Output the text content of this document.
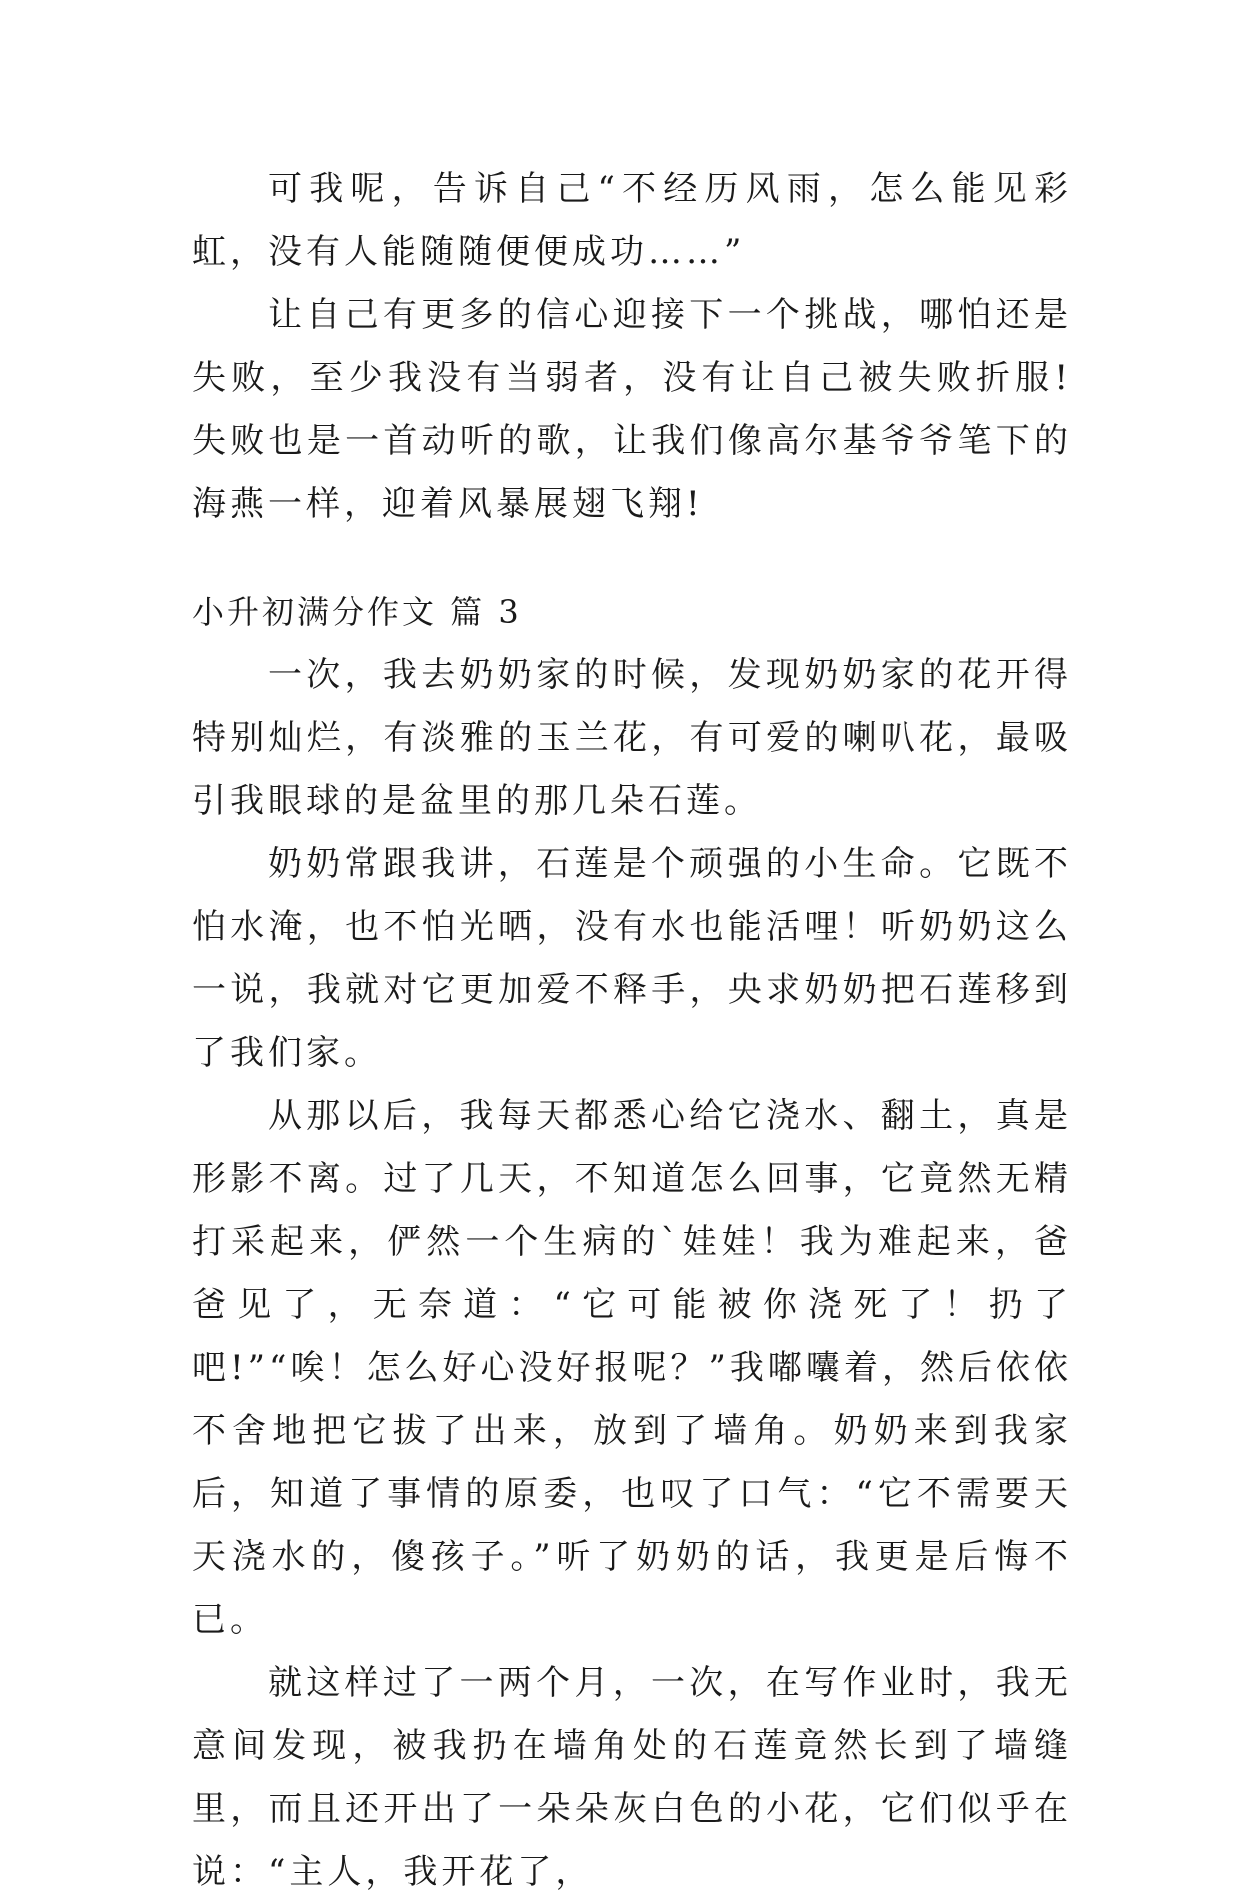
可我呢，告诉自己“不经历风雨，怎么能见彩虹，没有人能随随便便成功……”

让自己有更多的信心迎接下一个挑战，哪怕还是失败，至少我没有当弱者，没有让自己被失败折服!失败也是一首动听的歌，让我们像高尔基爷爷笔下的海燕一样，迎着风暴展翅飞翔!

小升初满分作文 篇 3

一次，我去奶奶家的时候，发现奶奶家的花开得特别灿烂，有淡雅的玉兰花，有可爱的喇叭花，最吸引我眼球的是盆里的那几朵石莲。

奶奶常跟我讲，石莲是个顽强的小生命。它既不怕水淹，也不怕光晒，没有水也能活哩！听奶奶这么一说，我就对它更加爱不释手，央求奶奶把石莲移到了我们家。

从那以后，我每天都悉心给它浇水、翻土，真是形影不离。过了几天，不知道怎么回事，它竟然无精打采起来，俨然一个生病的`娃娃！我为难起来，爸爸见了，无奈道：“它可能被你浇死了！扔了吧!”“唉！怎么好心没好报呢？”我嘟囔着，然后依依不舍地把它拔了出来，放到了墙角。奶奶来到我家后，知道了事情的原委，也叹了口气：“它不需要天天浇水的，傻孩子。”听了奶奶的话，我更是后悔不已。

就这样过了一两个月，一次，在写作业时，我无意间发现，被我扔在墙角处的石莲竟然长到了墙缝里，而且还开出了一朵朵灰白色的小花，它们似乎在说：“主人，我开花了，
